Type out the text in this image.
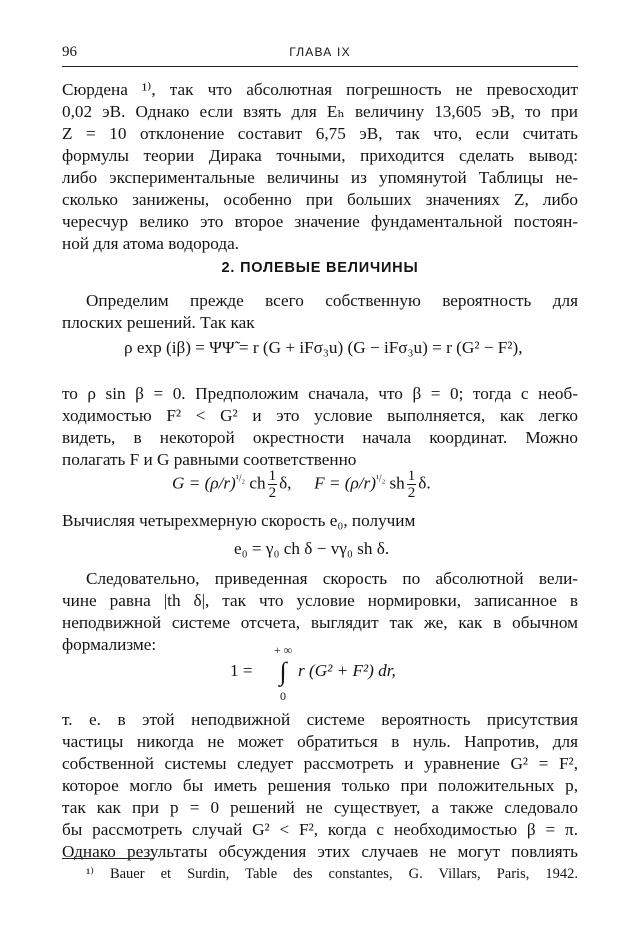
96	ГЛАВА IX
Сюрдена ¹⁾, так что абсолютная погрешность не превосходит
0,02 эВ. Однако если взять для Eₕ величину 13,605 эВ, то при
Z = 10 отклонение составит 6,75 эВ, так что, если считать
формулы теории Дирака точными, приходится сделать вывод:
либо экспериментальные величины из упомянутой Таблицы не-
сколько занижены, особенно при больших значениях Z, либо
чересчур велико это второе значение фундаментальной постоян-
ной для атома водорода.
2. ПОЛЕВЫЕ ВЕЛИЧИНЫ
Определим прежде всего собственную вероятность для
плоских решений. Так как
ρ exp (iβ) = ΨΨ̃ = r (G + iFσ₃u) (G − iFσ₃u) = r (G² − F²),
то ρ sin β = 0. Предположим сначала, что β = 0; тогда с необ-
ходимостью F² < G² и это условие выполняется, как легко
видеть, в некоторой окрестности начала координат. Можно
полагать F и G равными соответственно
$G = (\rho/r)^{^1/_2}$ ch $\frac{1}{2} \delta$, $F = (\rho/r)^{^1/_2}$ sh $\frac{1}{2} \delta$.
Вычисляя четырехмерную скорость e₀, получим
e₀ = γ₀ ch δ − vγ₀ sh δ.
Следовательно, приведенная скорость по абсолютной вели-
чине равна |th δ|, так что условие нормировки, записанное в
неподвижной системе отсчета, выглядит так же, как в обычном
формализме:
1 =
+ ∞
∫
0
r (G² + F²) dr,
т. е. в этой неподвижной системе вероятность присутствия
частицы никогда не может обратиться в нуль. Напротив, для
собственной системы следует рассмотреть и уравнение G² = F²,
которое могло бы иметь решения только при положительных p,
так как при p = 0 решений не существует, а также следовало
бы рассмотреть случай G² < F², когда с необходимостью β = π.
Однако результаты обсуждения этих случаев не могут повлиять
¹⁾ Bauer et Surdin, Table des constantes, G. Villars, Paris, 1942.
